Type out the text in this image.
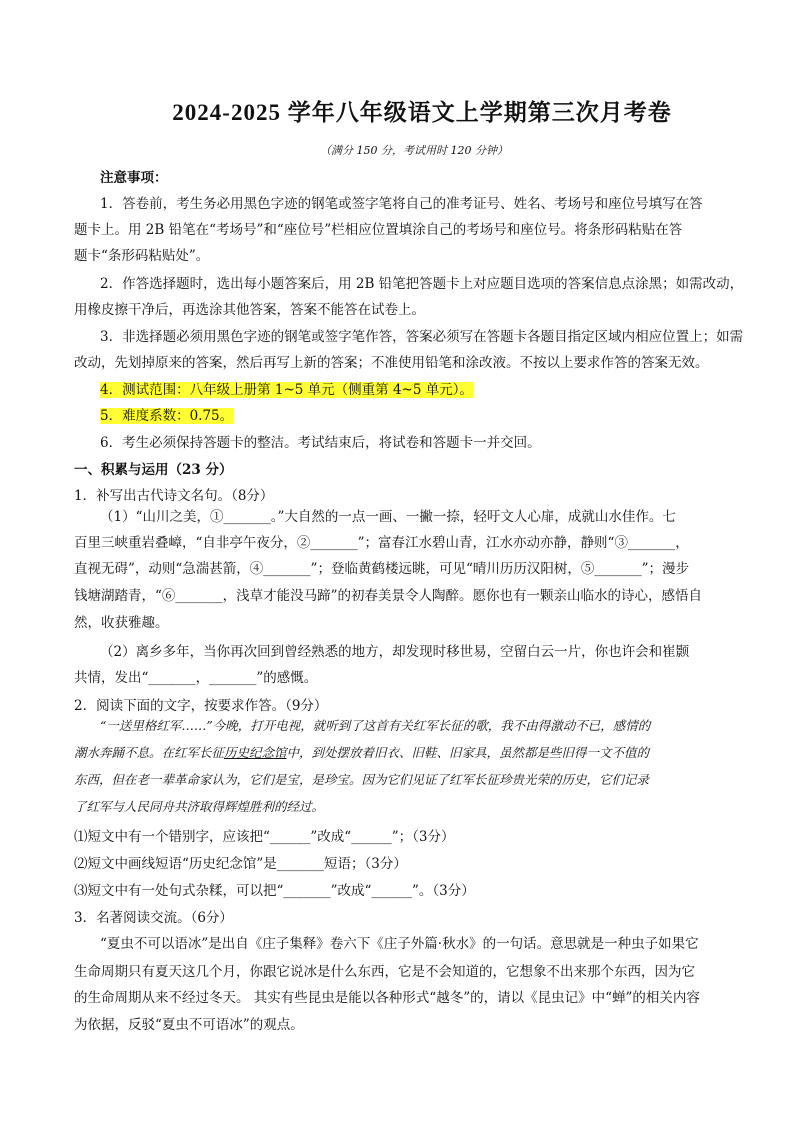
2024-2025 学年八年级语文上学期第三次月考卷
（满分 150 分，考试用时 120 分钟）
注意事项：
1．答卷前，考生务必用黑色字迹的钢笔或签字笔将自己的准考证号、姓名、考场号和座位号填写在答
题卡上。用 2B 铅笔在“考场号”和“座位号”栏相应位置填涂自己的考场号和座位号。将条形码粘贴在答
题卡“条形码粘贴处”。
2．作答选择题时，选出每小题答案后，用 2B 铅笔把答题卡上对应题目选项的答案信息点涂黑；如需改动，
用橡皮擦干净后，再选涂其他答案，答案不能答在试卷上。
3．非选择题必须用黑色字迹的钢笔或签字笔作答，答案必须写在答题卡各题目指定区域内相应位置上；如需
改动，先划掉原来的答案，然后再写上新的答案；不准使用铅笔和涂改液。不按以上要求作答的答案无效。
4．测试范围：八年级上册第 1~5 单元（侧重第 4~5 单元）。
5．难度系数：0.75。
6．考生必须保持答题卡的整洁。考试结束后，将试卷和答题卡一并交回。
一、积累与运用（23 分）
1．补写出古代诗文名句。（8分）
（1）“山川之美，①_______。”大自然的一点一画、一撇一捺，轻吁文人心扉，成就山水佳作。七
百里三峡重岩叠嶂，“自非亭午夜分，②_______”；富春江水碧山青，江水亦动亦静，静则“③_______，
直视无碍”，动则“急湍甚箭，④_______”；登临黄鹤楼远眺，可见“晴川历历汉阳树，⑤_______”；漫步
钱塘湖踏青，“⑥_______，浅草才能没马蹄”的初春美景令人陶醉。愿你也有一颗亲山临水的诗心，感悟自
然，收获雅趣。
（2）离乡多年，当你再次回到曾经熟悉的地方，却发现时移世易，空留白云一片，你也许会和崔颢
共情，发出“_______，_______”的感慨。
2．阅读下面的文字，按要求作答。（9分）
“一送里格红军……”今晚，打开电视，就听到了这首有关红军长征的歌，我不由得激动不已，感情的
潮水奔踊不息。在红军长征历史纪念馆中，到处摆放着旧衣、旧鞋、旧家具，虽然都是些旧得一文不值的
东西，但在老一辈革命家认为，它们是宝，是珍宝。因为它们见证了红军长征珍贵光荣的历史，它们记录
了红军与人民同舟共济取得辉煌胜利的经过。
⑴短文中有一个错别字，应该把“______”改成“______”；（3分）
⑵短文中画线短语“历史纪念馆”是_______短语；（3分）
⑶短文中有一处句式杂糅，可以把“_______”改成“______”。（3分）
3．名著阅读交流。（6分）
“夏虫不可以语冰”是出自《庄子集释》卷六下《庄子外篇·秋水》的一句话。意思就是一种虫子如果它
生命周期只有夏天这几个月，你跟它说冰是什么东西，它是不会知道的，它想象不出来那个东西，因为它
的生命周期从来不经过冬天。 其实有些昆虫是能以各种形式“越冬”的，请以《昆虫记》中“蝉”的相关内容
为依据，反驳“夏虫不可语冰”的观点。
